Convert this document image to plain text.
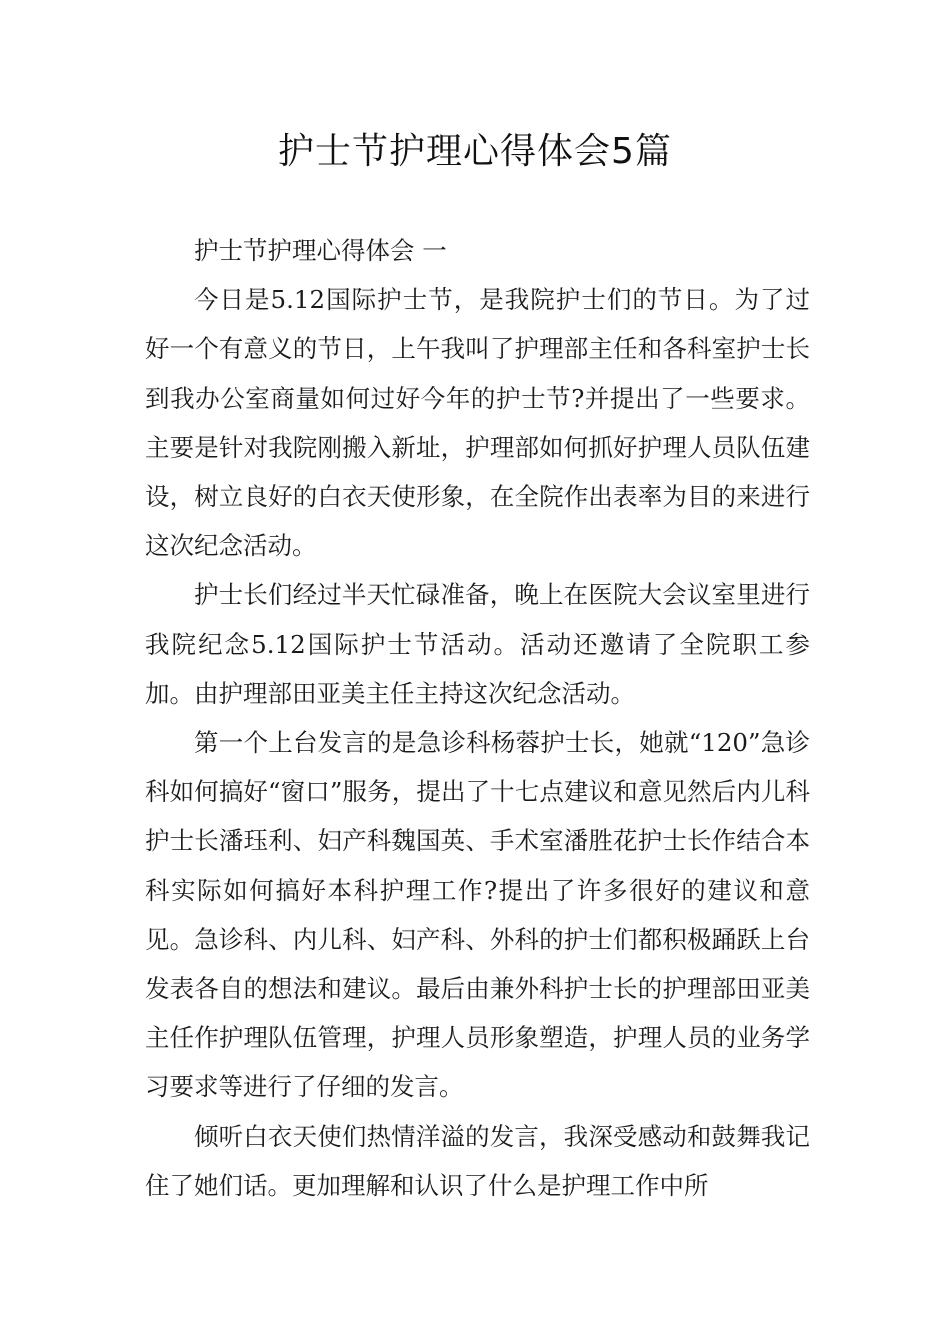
护士节护理心得体会5篇

护士节护理心得体会 一

今日是5.12国际护士节，是我院护士们的节日。为了过好一个有意义的节日，上午我叫了护理部主任和各科室护士长到我办公室商量如何过好今年的护士节?并提出了一些要求。主要是针对我院刚搬入新址，护理部如何抓好护理人员队伍建设，树立良好的白衣天使形象，在全院作出表率为目的来进行这次纪念活动。

护士长们经过半天忙碌准备，晚上在医院大会议室里进行我院纪念5.12国际护士节活动。活动还邀请了全院职工参加。由护理部田亚美主任主持这次纪念活动。

第一个上台发言的是急诊科杨蓉护士长，她就“120”急诊科如何搞好“窗口”服务，提出了十七点建议和意见然后内儿科护士长潘珏利、妇产科魏国英、手术室潘胜花护士长作结合本科实际如何搞好本科护理工作?提出了许多很好的建议和意见。急诊科、内儿科、妇产科、外科的护士们都积极踊跃上台发表各自的想法和建议。最后由兼外科护士长的护理部田亚美主任作护理队伍管理，护理人员形象塑造，护理人员的业务学习要求等进行了仔细的发言。

倾听白衣天使们热情洋溢的发言，我深受感动和鼓舞我记住了她们话。更加理解和认识了什么是护理工作中所
